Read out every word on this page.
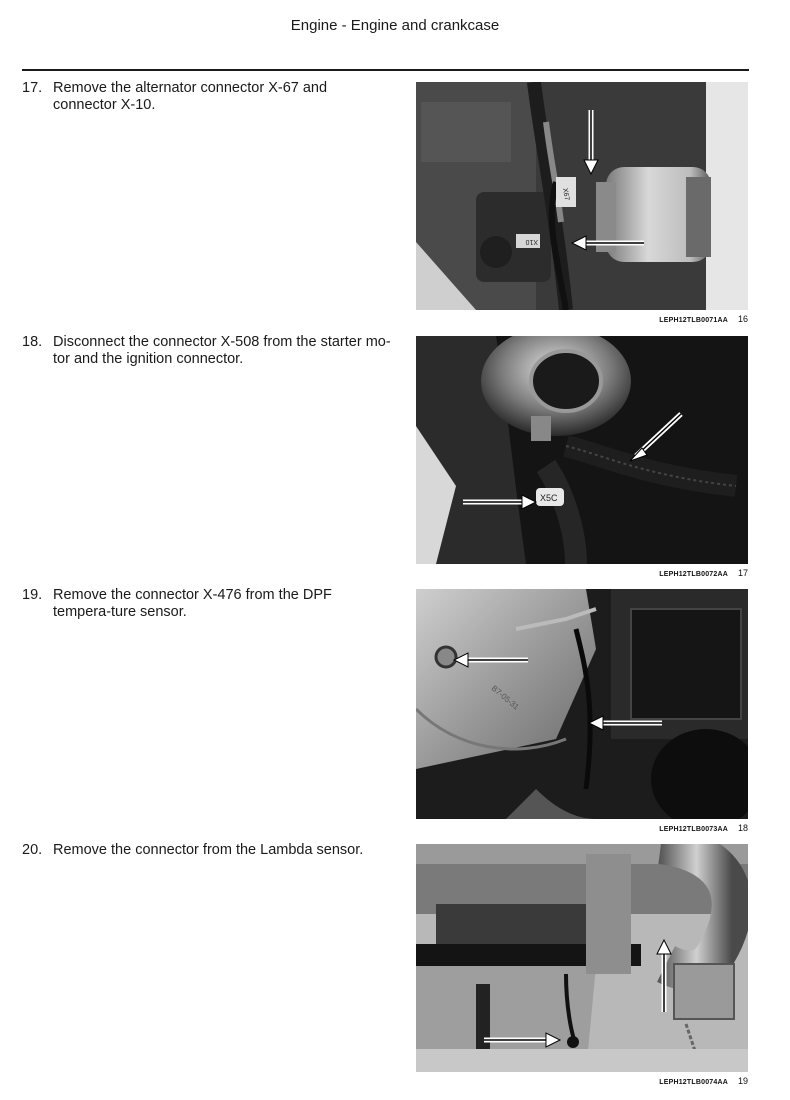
Engine - Engine and crankcase
17. Remove the alternator connector X-67 and connector X-10.
X67
X10
LEPH12TLB0071AA 16
18. Disconnect the connector X-508 from the starter mo-tor and the ignition connector.
X5C
LEPH12TLB0072AA 17
19. Remove the connector X-476 from the DPF tempera-ture sensor.
B7-05-31
LEPH12TLB0073AA 18
20. Remove the connector from the Lambda sensor.
LEPH12TLB0074AA 19
